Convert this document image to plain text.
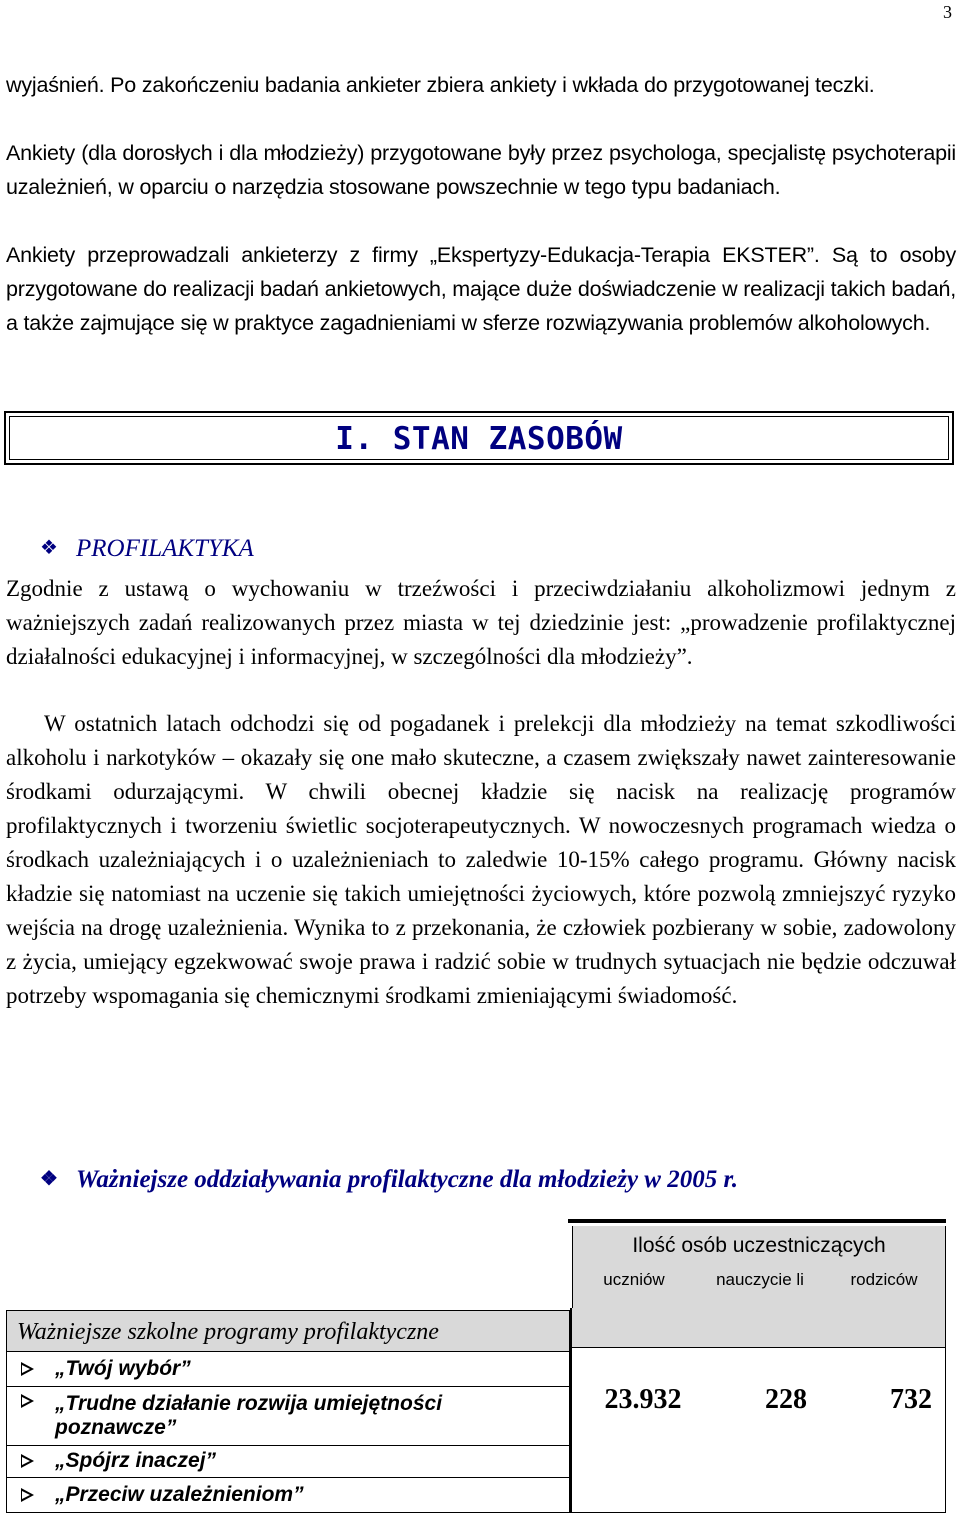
3

wyjaśnień. Po zakończeniu badania ankieter zbiera ankiety i wkłada do przygotowanej teczki.

Ankiety (dla dorosłych i dla młodzieży) przygotowane były przez psychologa, specjalistę psychoterapii uzależnień, w oparciu o narzędzia stosowane powszechnie w tego typu badaniach.

Ankiety przeprowadzali ankieterzy z firmy „Ekspertyzy-Edukacja-Terapia EKSTER”. Są to osoby przygotowane do realizacji badań ankietowych, mające duże doświadczenie w realizacji takich badań, a także zajmujące się w praktyce zagadnieniami w sferze rozwiązywania problemów alkoholowych.

I. STAN ZASOBÓW
❖ PROFILAKTYKA

Zgodnie z ustawą o wychowaniu w trzeźwości i przeciwdziałaniu alkoholizmowi jednym z ważniejszych zadań realizowanych przez miasta w tej dziedzinie jest: „prowadzenie profilaktycznej działalności edukacyjnej i informacyjnej, w szczególności dla młodzieży”.

W ostatnich latach odchodzi się od pogadanek i prelekcji dla młodzieży na temat szkodliwości alkoholu i narkotyków – okazały się one mało skuteczne, a czasem zwiększały nawet zainteresowanie środkami odurzającymi. W chwili obecnej kładzie się nacisk na realizację programów profilaktycznych i tworzeniu świetlic socjoterapeutycznych. W nowoczesnych programach wiedza o środkach uzależniających i o uzależnieniach to zaledwie 10-15% całego programu. Główny nacisk kładzie się natomiast na uczenie się takich umiejętności życiowych, które pozwolą zmniejszyć ryzyko wejścia na drogę uzależnienia. Wynika to z przekonania, że człowiek pozbierany w sobie, zadowolony z życia, umiejący egzekwować swoje prawa i radzić sobie w trudnych sytuacjach nie będzie odczuwał potrzeby wspomagania się chemicznymi środkami zmieniającymi świadomość.

❖ Ważniejsze oddziaływania profilaktyczne dla młodzieży w 2005 r.
Ilość osób uczestniczących
uczniów	nauczycie li	rodziców
Ważniejsze szkolne programy profilaktyczne
„Twój wybór”
„Trudne działanie rozwija umiejętności poznawcze”
„Spójrz inaczej”
„Przeciw uzależnieniom”
23.932	228	732
